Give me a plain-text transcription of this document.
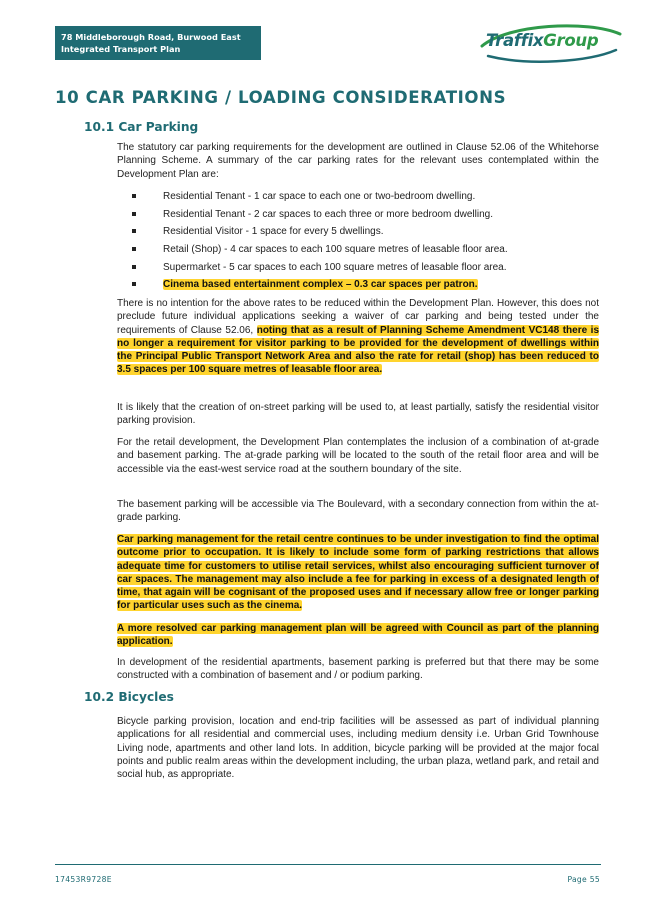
78 Middleborough Road, Burwood East
Integrated Transport Plan	TraffixGroup
10 CAR PARKING / LOADING CONSIDERATIONS
10.1 Car Parking
The statutory car parking requirements for the development are outlined in Clause 52.06 of the Whitehorse Planning Scheme. A summary of the car parking rates for the relevant uses contemplated within the Development Plan are:
Residential Tenant - 1 car space to each one or two-bedroom dwelling.
Residential Tenant - 2 car spaces to each three or more bedroom dwelling.
Residential Visitor - 1 space for every 5 dwellings.
Retail (Shop) - 4 car spaces to each 100 square metres of leasable floor area.
Supermarket - 5 car spaces to each 100 square metres of leasable floor area.
Cinema based entertainment complex – 0.3 car spaces per patron.
There is no intention for the above rates to be reduced within the Development Plan. However, this does not preclude future individual applications seeking a waiver of car parking and being tested under the requirements of Clause 52.06, noting that as a result of Planning Scheme Amendment VC148 there is no longer a requirement for visitor parking to be provided for the development of dwellings within the Principal Public Transport Network Area and also the rate for retail (shop) has been reduced to 3.5 spaces per 100 square metres of leasable floor area.
It is likely that the creation of on-street parking will be used to, at least partially, satisfy the residential visitor parking provision.
For the retail development, the Development Plan contemplates the inclusion of a combination of at-grade and basement parking. The at-grade parking will be located to the south of the retail floor area and will be accessible via the east-west service road at the southern boundary of the site.
The basement parking will be accessible via The Boulevard, with a secondary connection from within the at-grade parking.
Car parking management for the retail centre continues to be under investigation to find the optimal outcome prior to occupation. It is likely to include some form of parking restrictions that allows adequate time for customers to utilise retail services, whilst also encouraging sufficient turnover of car spaces. The management may also include a fee for parking in excess of a designated length of time, that again will be cognisant of the proposed uses and if necessary allow free or longer parking for particular uses such as the cinema.
A more resolved car parking management plan will be agreed with Council as part of the planning application.
In development of the residential apartments, basement parking is preferred but that there may be some constructed with a combination of basement and / or podium parking.
10.2 Bicycles
Bicycle parking provision, location and end-trip facilities will be assessed as part of individual planning applications for all residential and commercial uses, including medium density i.e. Urban Grid Townhouse Living node, apartments and other land lots. In addition, bicycle parking will be provided at the major focal points and public realm areas within the development including, the urban plaza, wetland park, and retail and social hub, as appropriate.
17453R9728E	Page 55
